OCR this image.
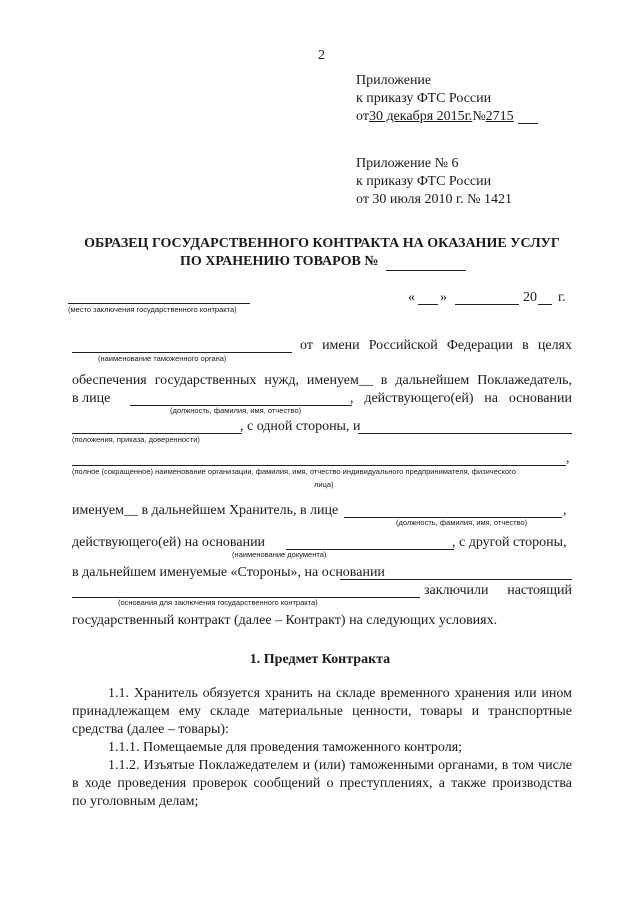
2
Приложение
к приказу ФТС России
от30 декабря 2015г.№2715
Приложение № 6
к приказу ФТС России
от 30 июля 2010 г. № 1421
ОБРАЗЕЦ ГОСУДАРСТВЕННОГО КОНТРАКТА НА ОКАЗАНИЕ УСЛУГ
ПО ХРАНЕНИЮ ТОВАРОВ №
(место заключения государственного контракта)
« »	20 г.
от имени Российской Федерации в целях
(наименование таможенного органа)
обеспечения государственных нужд, именуем__ в дальнейшем Поклажедатель,
в лице	, действующего(ей) на основании
(должность, фамилия, имя, отчество)
, с одной стороны, и
(положения, приказа, доверенности)
,
(полное (сокращенное) наименование организации, фамилия, имя, отчество индивидуального предпринимателя, физического
лица)
именуем__ в дальнейшем Хранитель, в лице	,
(должность, фамилия, имя, отчество)
действующего(ей) на основании	, с другой стороны,
(наименование документа)
в дальнейшем именуемые «Стороны», на основании
заключили настоящий
(основания для заключения государственного контракта)
государственный контракт (далее – Контракт) на следующих условиях.
1. Предмет Контракта
1.1. Хранитель обязуется хранить на складе временного хранения или ином
принадлежащем ему складе материальные ценности, товары и транспортные
средства (далее – товары):
1.1.1. Помещаемые для проведения таможенного контроля;
1.1.2. Изъятые Поклажедателем и (или) таможенными органами, в том числе
в ходе проведения проверок сообщений о преступлениях, а также производства
по уголовным делам;
